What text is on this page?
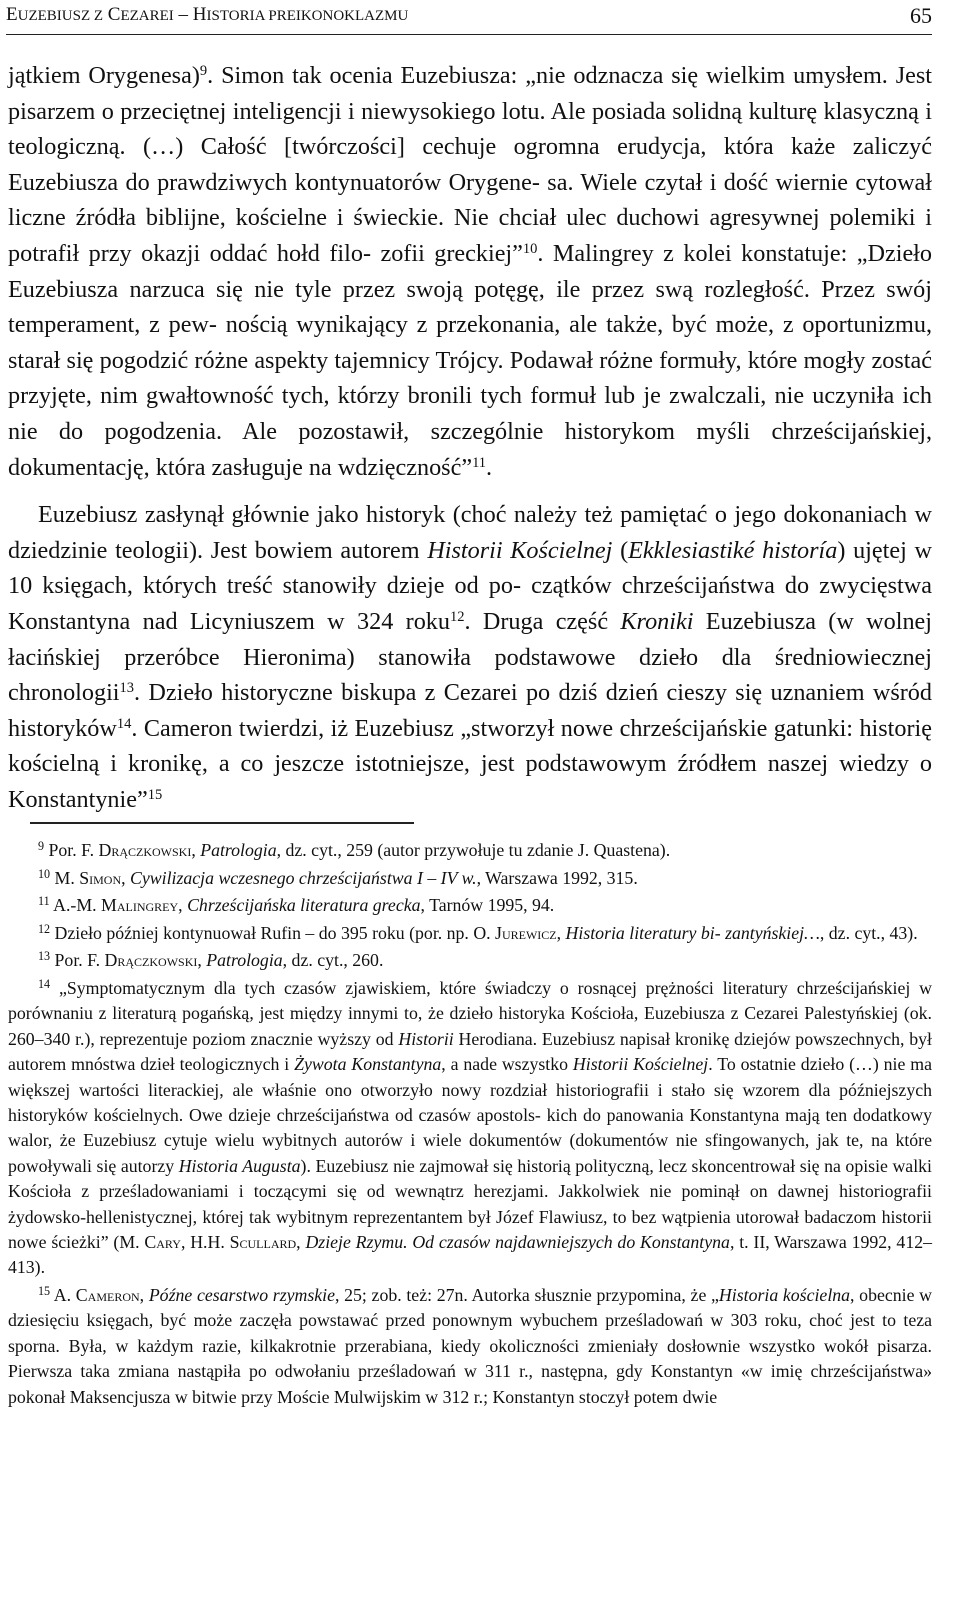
EUZEBIUSZ Z CEZAREI – HISTORIA PREIKONOKLAZMU	65

jątkiem Orygenesa)$^9$. Simon tak ocenia Euzebiusza: „nie odznacza się wielkim umysłem. Jest pisarzem o przeciętnej inteligencji i niewysokiego lotu. Ale posiada solidną kulturę klasyczną i teologiczną. (…) Całość [twórczości] cechuje ogromna erudycja, która każe zaliczyć Euzebiusza do prawdziwych kontynuatorów Orygene- sa. Wiele czytał i dość wiernie cytował liczne źródła biblijne, kościelne i świeckie. Nie chciał ulec duchowi agresywnej polemiki i potrafił przy okazji oddać hołd filo- zofii greckiej”$^{10}$. Malingrey z kolei konstatuje: „Dzieło Euzebiusza narzuca się nie tyle przez swoją potęgę, ile przez swą rozległość. Przez swój temperament, z pew- nością wynikający z przekonania, ale także, być może, z oportunizmu, starał się pogodzić różne aspekty tajemnicy Trójcy. Podawał różne formuły, które mogły zostać przyjęte, nim gwałtowność tych, którzy bronili tych formuł lub je zwalczali, nie uczyniła ich nie do pogodzenia. Ale pozostawił, szczególnie historykom myśli chrześcijańskiej, dokumentację, która zasługuje na wdzięczność”$^{11}$.

Euzebiusz zasłynął głównie jako historyk (choć należy też pamiętać o jego dokonaniach w dziedzinie teologii). Jest bowiem autorem Historii Kościelnej (Ekklesiastiké historía) ujętej w 10 księgach, których treść stanowiły dzieje od po- czątków chrześcijaństwa do zwycięstwa Konstantyna nad Licyniuszem w 324 roku$^{12}$. Druga część Kroniki Euzebiusza (w wolnej łacińskiej przeróbce Hieronima) stanowiła podstawowe dzieło dla średniowiecznej chronologii$^{13}$. Dzieło historyczne biskupa z Cezarei po dziś dzień cieszy się uznaniem wśród historyków$^{14}$. Cameron twierdzi, iż Euzebiusz „stworzył nowe chrześcijańskie gatunki: historię kościelną i kronikę, a co jeszcze istotniejsze, jest podstawowym źródłem naszej wiedzy o Konstantynie”$^{15}$

$^9$ Por. F. Drączkowski, Patrologia, dz. cyt., 259 (autor przywołuje tu zdanie J. Quastena).

$^{10}$ M. Simon, Cywilizacja wczesnego chrześcijaństwa I – IV w., Warszawa 1992, 315.

$^{11}$ A.-M. Malingrey, Chrześcijańska literatura grecka, Tarnów 1995, 94.

$^{12}$ Dzieło później kontynuował Rufin – do 395 roku (por. np. O. Jurewicz, Historia literatury bi- zantyńskiej…, dz. cyt., 43).

$^{13}$ Por. F. Drączkowski, Patrologia, dz. cyt., 260.

$^{14}$ „Symptomatycznym dla tych czasów zjawiskiem, które świadczy o rosnącej prężności literatury chrześcijańskiej w porównaniu z literaturą pogańską, jest między innymi to, że dzieło historyka Kościoła, Euzebiusza z Cezarei Palestyńskiej (ok. 260–340 r.), reprezentuje poziom znacznie wyższy od Historii Herodiana. Euzebiusz napisał kronikę dziejów powszechnych, był autorem mnóstwa dzieł teologicznych i Żywota Konstantyna, a nade wszystko Historii Kościelnej. To ostatnie dzieło (…) nie ma większej wartości literackiej, ale właśnie ono otworzyło nowy rozdział historiografii i stało się wzorem dla późniejszych historyków kościelnych. Owe dzieje chrześcijaństwa od czasów apostols- kich do panowania Konstantyna mają ten dodatkowy walor, że Euzebiusz cytuje wielu wybitnych autorów i wiele dokumentów (dokumentów nie sfingowanych, jak te, na które powoływali się autorzy Historia Augusta). Euzebiusz nie zajmował się historią polityczną, lecz skoncentrował się na opisie walki Kościoła z prześladowaniami i toczącymi się od wewnątrz herezjami. Jakkolwiek nie pominął on dawnej historiografii żydowsko-hellenistycznej, której tak wybitnym reprezentantem był Józef Flawiusz, to bez wątpienia utorował badaczom historii nowe ścieżki” (M. Cary, H.H. Scullard, Dzieje Rzymu. Od czasów najdawniejszych do Konstantyna, t. II, Warszawa 1992, 412–413).

$^{15}$ A. Cameron, Późne cesarstwo rzymskie, 25; zob. też: 27n. Autorka słusznie przypomina, że „Historia kościelna, obecnie w dziesięciu księgach, być może zaczęła powstawać przed ponownym wybuchem prześladowań w 303 roku, choć jest to teza sporna. Była, w każdym razie, kilkakrotnie przerabiana, kiedy okoliczności zmieniały dosłownie wszystko wokół pisarza. Pierwsza taka zmiana nastąpiła po odwołaniu prześladowań w 311 r., następna, gdy Konstantyn «w imię chrześcijaństwa» pokonał Maksencjusza w bitwie przy Moście Mulwijskim w 312 r.; Konstantyn stoczył potem dwie
